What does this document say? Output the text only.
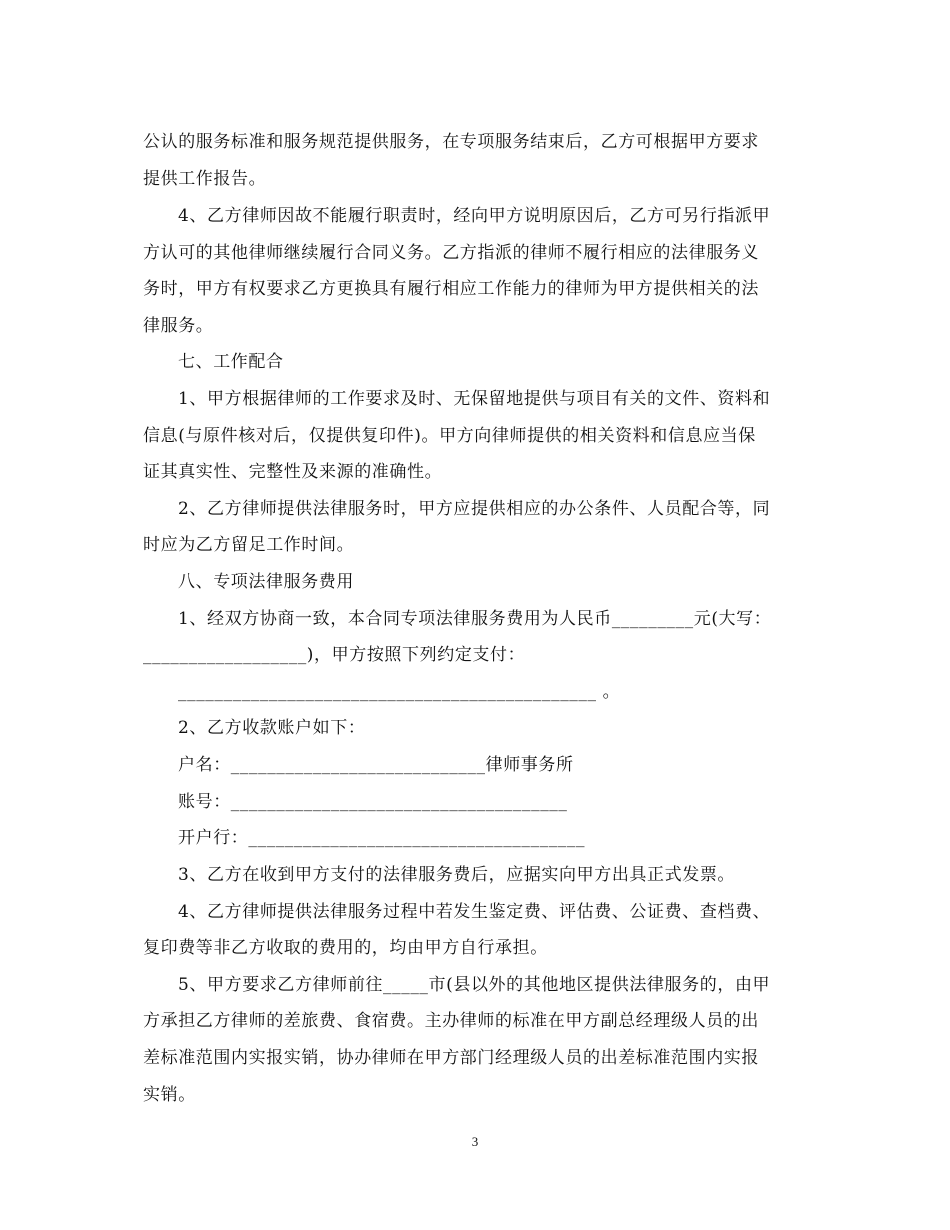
公认的服务标准和服务规范提供服务，在专项服务结束后，乙方可根据甲方要求
提供工作报告。
4、乙方律师因故不能履行职责时，经向甲方说明原因后，乙方可另行指派甲
方认可的其他律师继续履行合同义务。乙方指派的律师不履行相应的法律服务义
务时，甲方有权要求乙方更换具有履行相应工作能力的律师为甲方提供相关的法
律服务。
七、工作配合
1、甲方根据律师的工作要求及时、无保留地提供与项目有关的文件、资料和
信息(与原件核对后，仅提供复印件)。甲方向律师提供的相关资料和信息应当保
证其真实性、完整性及来源的准确性。
2、乙方律师提供法律服务时，甲方应提供相应的办公条件、人员配合等，同
时应为乙方留足工作时间。
八、专项法律服务费用
1、经双方协商一致，本合同专项法律服务费用为人民币_________元(大写：
__________________)，甲方按照下列约定支付：
______________________________________________ 。
2、乙方收款账户如下：
户名：____________________________律师事务所
账号：_____________________________________
开户行：_____________________________________
3、乙方在收到甲方支付的法律服务费后，应据实向甲方出具正式发票。
4、乙方律师提供法律服务过程中若发生鉴定费、评估费、公证费、查档费、
复印费等非乙方收取的费用的，均由甲方自行承担。
5、甲方要求乙方律师前往_____市(县以外的其他地区提供法律服务的，由甲
方承担乙方律师的差旅费、食宿费。主办律师的标准在甲方副总经理级人员的出
差标准范围内实报实销，协办律师在甲方部门经理级人员的出差标准范围内实报
实销。
3
